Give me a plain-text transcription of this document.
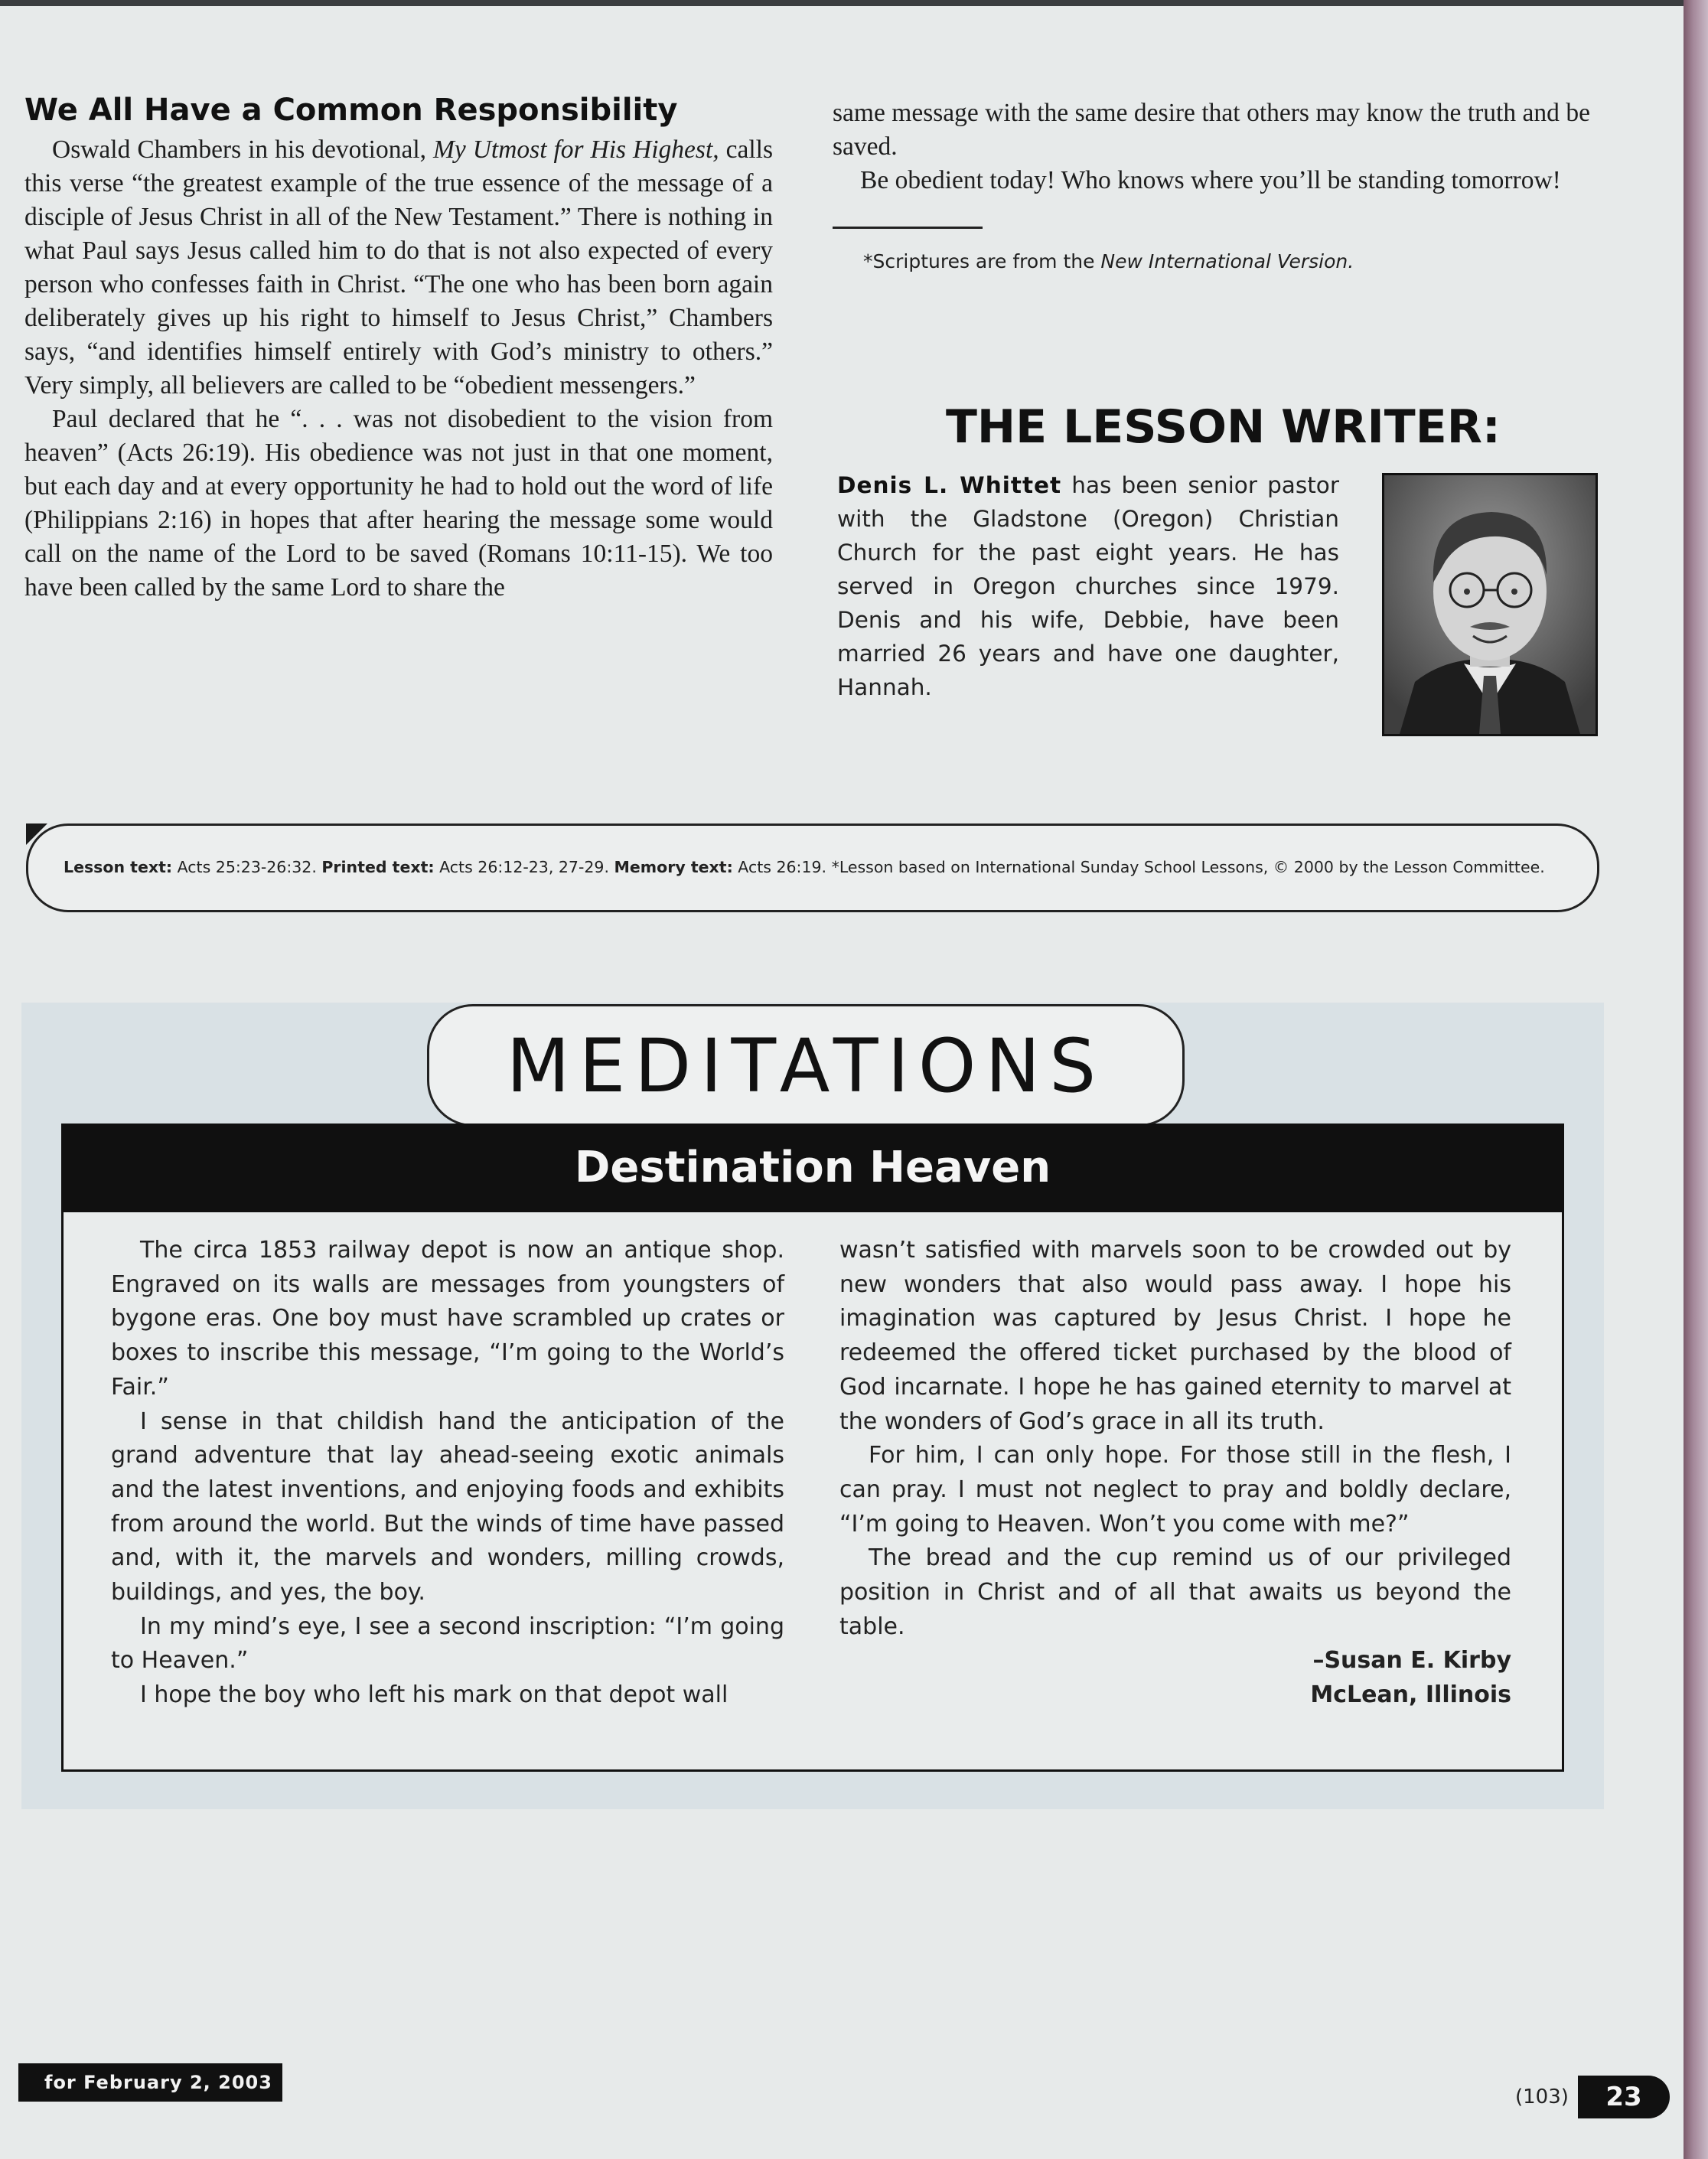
We All Have a Common Responsibility

Oswald Chambers in his devotional, My Utmost for His Highest, calls this verse “the greatest example of the true essence of the message of a disciple of Jesus Christ in all of the New Testament.” There is nothing in what Paul says Jesus called him to do that is not also expected of every person who confesses faith in Christ. “The one who has been born again deliberately gives up his right to himself to Jesus Christ,” Chambers says, “and identifies himself entirely with God’s ministry to others.” Very simply, all believers are called to be “obedient messengers.”

Paul declared that he “. . . was not disobedient to the vision from heaven” (Acts 26:19). His obedience was not just in that one moment, but each day and at every opportunity he had to hold out the word of life (Philippians 2:16) in hopes that after hearing the message some would call on the name of the Lord to be saved (Romans 10:11-15). We too have been called by the same Lord to share the

same message with the same desire that others may know the truth and be saved.

Be obedient today! Who knows where you’ll be standing tomorrow!

*Scriptures are from the New International Version.

THE LESSON WRITER:

Denis L. Whittet has been senior pastor with the Gladstone (Oregon) Christian Church for the past eight years. He has served in Oregon churches since 1979. Denis and his wife, Debbie, have been married 26 years and have one daughter, Hannah.

Lesson text: Acts 25:23-26:32. Printed text: Acts 26:12-23, 27-29. Memory text: Acts 26:19. *Lesson based on International Sunday School Lessons, © 2000 by the Lesson Committee.

MEDITATIONS
Destination Heaven

The circa 1853 railway depot is now an antique shop. Engraved on its walls are messages from youngsters of bygone eras. One boy must have scrambled up crates or boxes to inscribe this message, “I’m going to the World’s Fair.”

I sense in that childish hand the anticipation of the grand adventure that lay ahead-seeing exotic animals and the latest inventions, and enjoying foods and exhibits from around the world. But the winds of time have passed and, with it, the marvels and wonders, milling crowds, buildings, and yes, the boy.

In my mind’s eye, I see a second inscription: “I’m going to Heaven.”

I hope the boy who left his mark on that depot wall

wasn’t satisfied with marvels soon to be crowded out by new wonders that also would pass away. I hope his imagination was captured by Jesus Christ. I hope he redeemed the offered ticket purchased by the blood of God incarnate. I hope he has gained eternity to marvel at the wonders of God’s grace in all its truth.

For him, I can only hope. For those still in the flesh, I can pray. I must not neglect to pray and boldly declare, “I’m going to Heaven. Won’t you come with me?”

The bread and the cup remind us of our privileged position in Christ and of all that awaits us beyond the table.

–Susan E. Kirby
McLean, Illinois

for February 2, 2003
(103)	23
